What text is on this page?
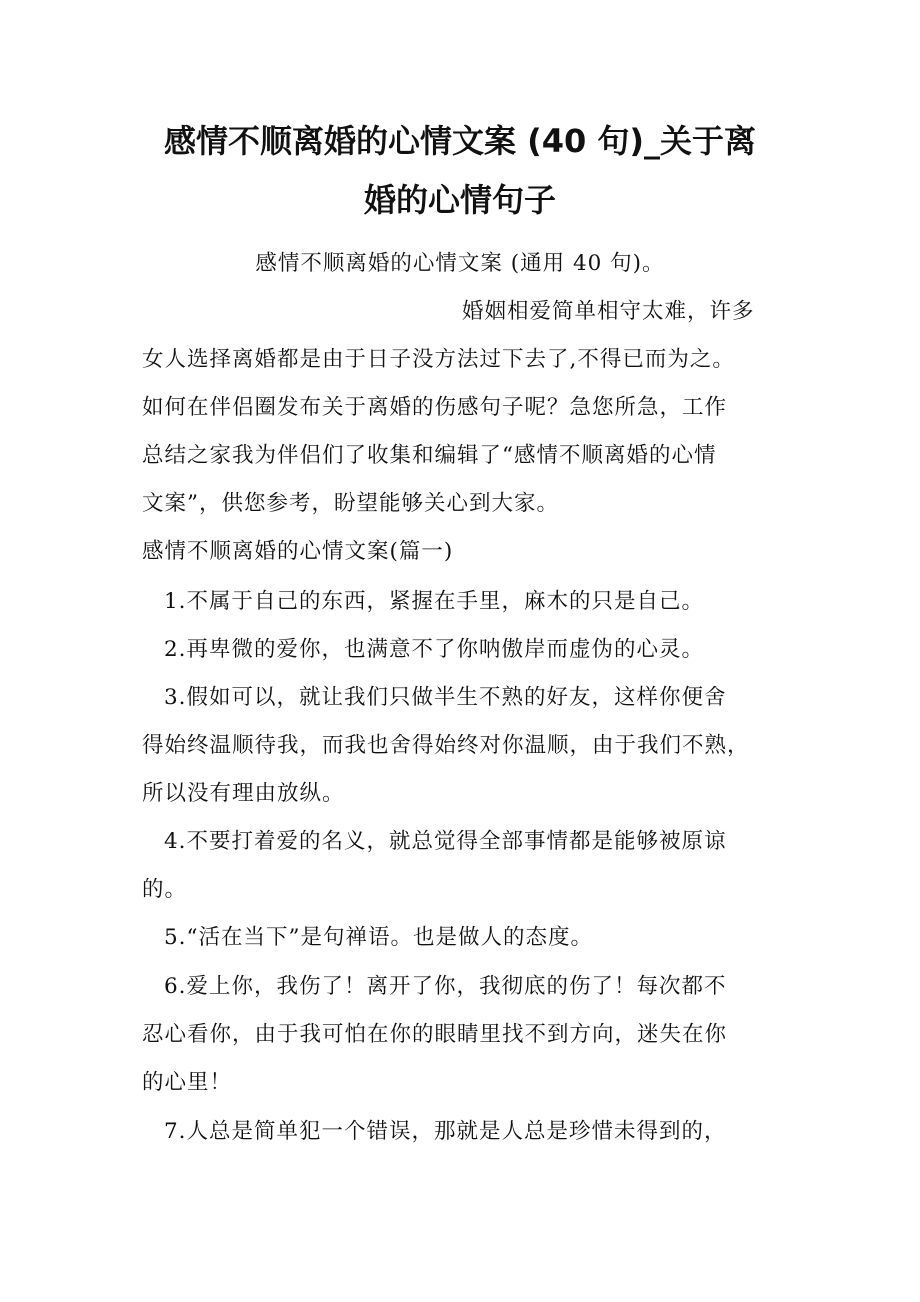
感情不顺离婚的心情文案 (40 句)_关于离
婚的心情句子
感情不顺离婚的心情文案 (通用 40 句)。
婚姻相爱简单相守太难，许多
女人选择离婚都是由于日子没方法过下去了,不得已而为之。
如何在伴侣圈发布关于离婚的伤感句子呢？急您所急，工作
总结之家我为伴侣们了收集和编辑了“感情不顺离婚的心情
文案”，供您参考，盼望能够关心到大家。
感情不顺离婚的心情文案(篇一)
1.不属于自己的东西，紧握在手里，麻木的只是自己。
2.再卑微的爱你，也满意不了你呐傲岸而虚伪的心灵。
3.假如可以，就让我们只做半生不熟的好友，这样你便舍
得始终温顺待我，而我也舍得始终对你温顺，由于我们不熟，
所以没有理由放纵。
4.不要打着爱的名义，就总觉得全部事情都是能够被原谅
的。
5.“活在当下”是句禅语。也是做人的态度。
6.爱上你，我伤了！离开了你，我彻底的伤了！每次都不
忍心看你，由于我可怕在你的眼睛里找不到方向，迷失在你
的心里！
7.人总是简单犯一个错误，那就是人总是珍惜未得到的，
